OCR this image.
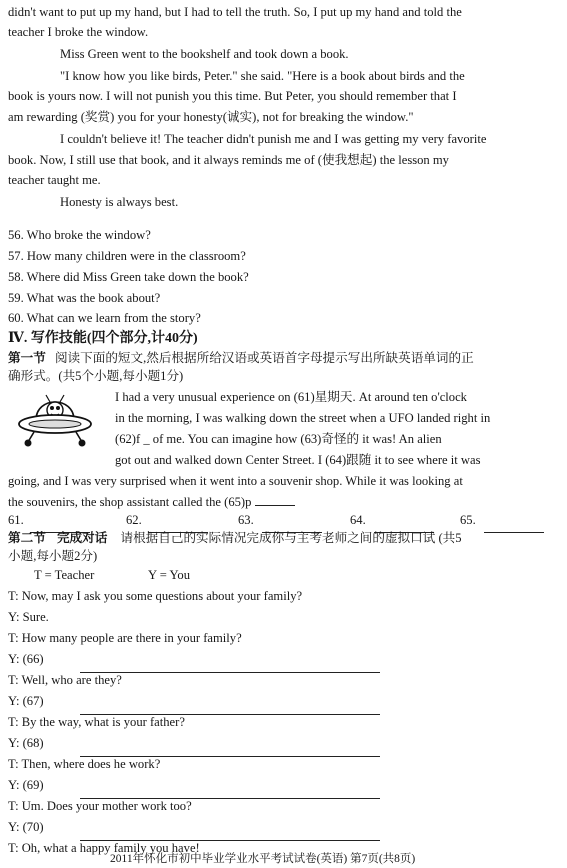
didn't want to put up my hand, but I had to tell the truth. So, I put up my hand and told the
teacher I broke the window.
Miss Green went to the bookshelf and took down a book.
"I know how you like birds, Peter." she said. "Here is a book about birds and the
book is yours now. I will not punish you this time. But Peter, you should remember that I
am rewarding (奖赏) you for your honesty(诚实), not for breaking the window."
I couldn't believe it! The teacher didn't punish me and I was getting my very favorite
book. Now, I still use that book, and it always reminds me of (使我想起) the lesson my
teacher taught me.
Honesty is always best.
56. Who broke the window?
57. How many children were in the classroom?
58. Where did Miss Green take down the book?
59. What was the book about?
60. What can we learn from the story?
Ⅳ. 写作技能(四个部分,计40分)
第一节 阅读下面的短文,然后根据所给汉语或英语首字母提示写出所缺英语单词的正
确形式。(共5个小题,每小题1分)
I had a very unusual experience on (61)星期天. At around ten o'clock
in the morning, I was walking down the street when a UFO landed right in
(62)f _ of me. You can imagine how (63)奇怪的 it was! An alien
got out and walked down Center Street. I (64)跟随 it to see where it was
going, and I was very surprised when it went into a souvenir shop. While it was looking at
the souvenirs, the shop assistant called the (65)p
61.	62.	63.	64.	65.
第二节 完成对话 请根据自己的实际情况完成你与主考老师之间的虚拟口试 (共5
小题,每小题2分)
T = Teacher	Y = You
T: Now, may I ask you some questions about your family?
Y: Sure.
T: How many people are there in your family?
Y: (66)
T: Well, who are they?
Y: (67)
T: By the way, what is your father?
Y: (68)
T: Then, where does he work?
Y: (69)
T: Um. Does your mother work too?
Y: (70)
T: Oh, what a happy family you have!
2011年怀化市初中毕业学业水平考试试卷(英语) 第7页(共8页)
